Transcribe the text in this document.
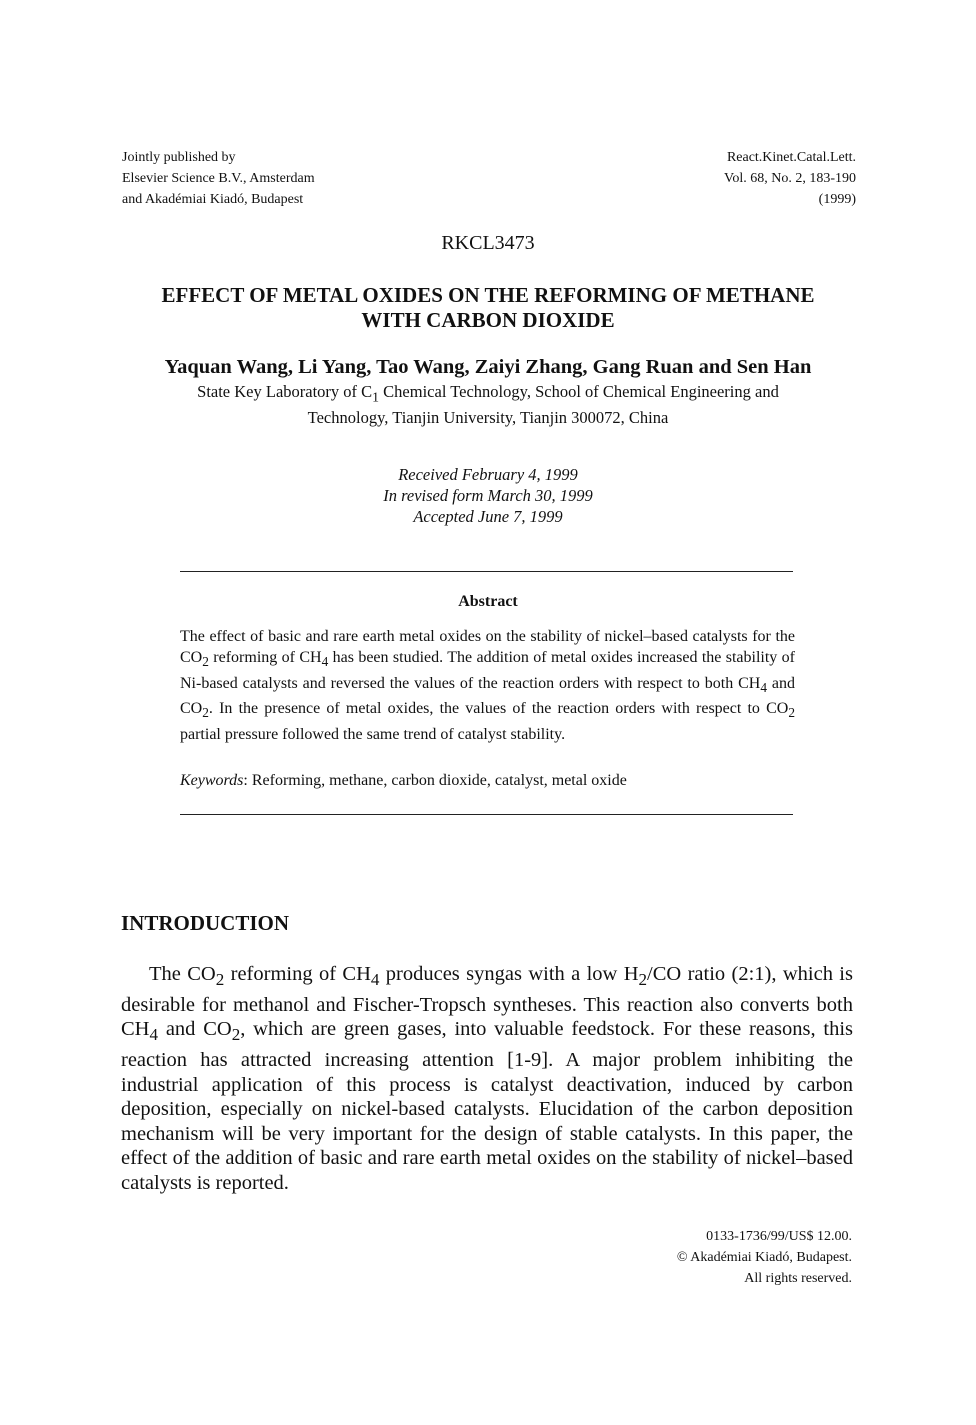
Jointly published by
Elsevier Science B.V., Amsterdam
and Akadémiai Kiadó, Budapest
React.Kinet.Catal.Lett.
Vol. 68, No. 2, 183-190
(1999)
RKCL3473
EFFECT OF METAL OXIDES ON THE REFORMING OF METHANE
WITH CARBON DIOXIDE
Yaquan Wang, Li Yang, Tao Wang, Zaiyi Zhang, Gang Ruan and Sen Han
State Key Laboratory of $C_1$ Chemical Technology, School of Chemical Engineering and
Technology, Tianjin University, Tianjin 300072, China
Received February 4, 1999
In revised form March 30, 1999
Accepted June 7, 1999
Abstract
The effect of basic and rare earth metal oxides on the stability of nickel–based catalysts for the $CO_2$ reforming of $CH_4$ has been studied. The addition of metal oxides increased the stability of Ni-based catalysts and reversed the values of the reaction orders with respect to both $CH_4$ and $CO_2$. In the presence of metal oxides, the values of the reaction orders with respect to $CO_2$ partial pressure followed the same trend of catalyst stability.
Keywords: Reforming, methane, carbon dioxide, catalyst, metal oxide
INTRODUCTION
The $CO_2$ reforming of $CH_4$ produces syngas with a low $H_2/CO$ ratio (2:1), which is desirable for methanol and Fischer-Tropsch syntheses. This reaction also converts both $CH_4$ and $CO_2$, which are green gases, into valuable feedstock. For these reasons, this reaction has attracted increasing attention [1-9]. A major problem inhibiting the industrial application of this process is catalyst deactivation, induced by carbon deposition, especially on nickel-based catalysts. Elucidation of the carbon deposition mechanism will be very important for the design of stable catalysts. In this paper, the effect of the addition of basic and rare earth metal oxides on the stability of nickel–based catalysts is reported.
0133-1736/99/US$ 12.00.
© Akadémiai Kiadó, Budapest.
All rights reserved.
